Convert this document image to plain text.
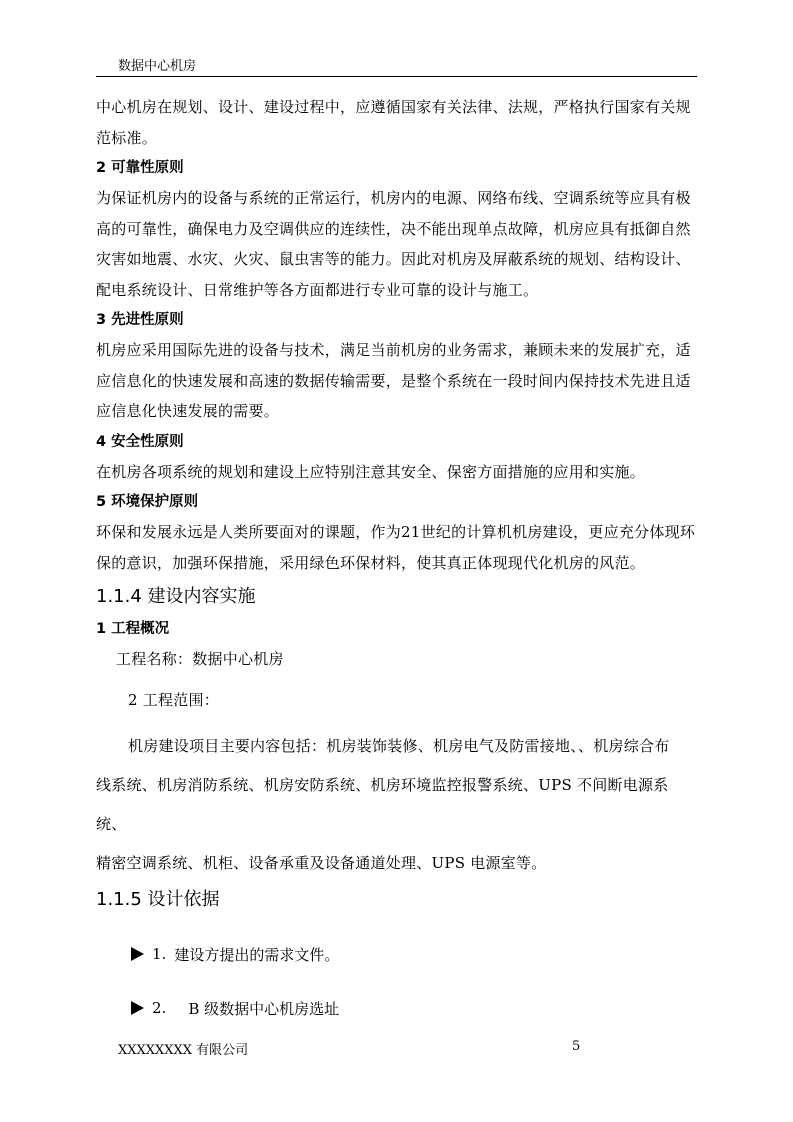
数据中心机房

中心机房在规划、设计、建设过程中，应遵循国家有关法律、法规，严格执行国家有关规范标准。

2 可靠性原则

为保证机房内的设备与系统的正常运行，机房内的电源、网络布线、空调系统等应具有极高的可靠性，确保电力及空调供应的连续性，决不能出现单点故障，机房应具有抵御自然灾害如地震、水灾、火灾、鼠虫害等的能力。因此对机房及屏蔽系统的规划、结构设计、配电系统设计、日常维护等各方面都进行专业可靠的设计与施工。

3 先进性原则

机房应采用国际先进的设备与技术，满足当前机房的业务需求，兼顾未来的发展扩充，适应信息化的快速发展和高速的数据传输需要，是整个系统在一段时间内保持技术先进且适应信息化快速发展的需要。

4 安全性原则

在机房各项系统的规划和建设上应特别注意其安全、保密方面措施的应用和实施。

5 环境保护原则

环保和发展永远是人类所要面对的课题，作为21世纪的计算机机房建设，更应充分体现环保的意识，加强环保措施，采用绿色环保材料，使其真正体现现代化机房的风范。

1.1.4 建设内容实施
1 工程概况

工程名称：数据中心机房

2 工程范围：

机房建设项目主要内容包括：机房装饰装修、机房电气及防雷接地、、机房综合布

线系统、机房消防系统、机房安防系统、机房环境监控报警系统、UPS 不间断电源系统、

精密空调系统、机柜、设备承重及设备通道处理、UPS 电源室等。

1.1.5 设计依据
1. 建设方提出的需求文件。
2. B 级数据中心机房选址
XXXXXXXX 有限公司	5
